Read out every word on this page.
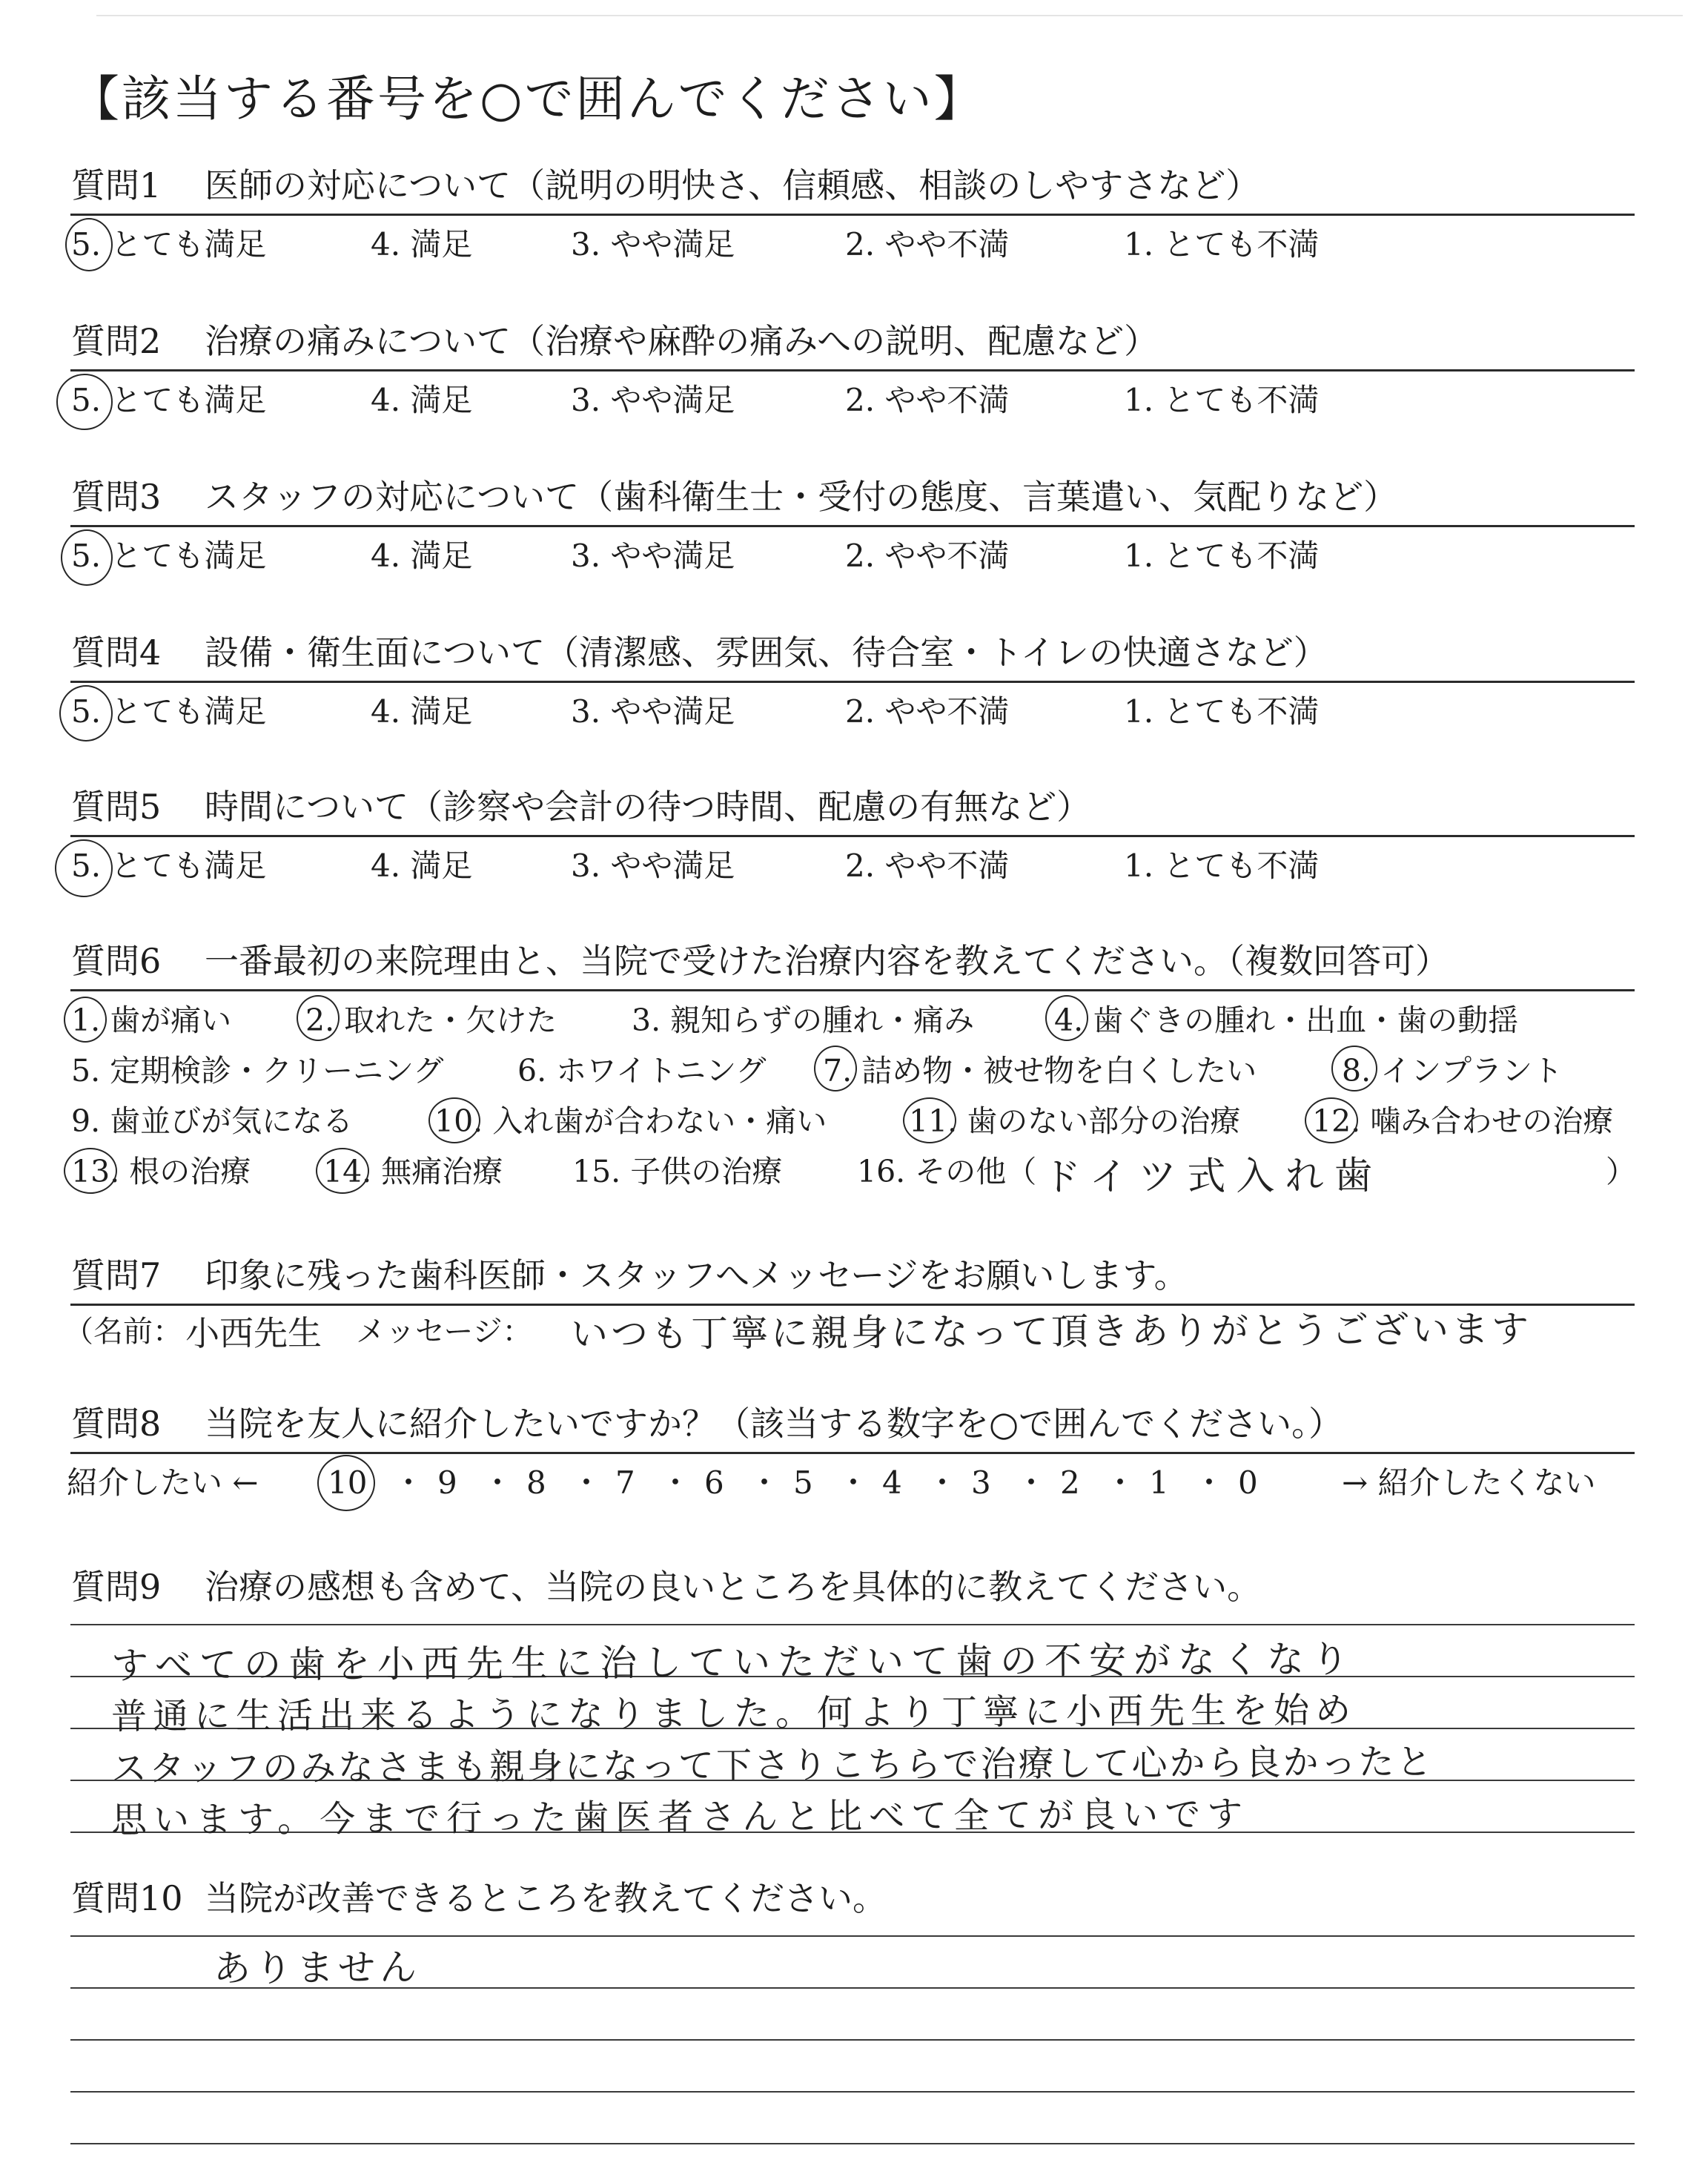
【該当する番号を○で囲んでください】
質問1 医師の対応について（説明の明快さ、信頼感、相談のしやすさなど）
5. とても満足	4. 満足	3. やや満足	2. やや不満	1. とても不満
質問2 治療の痛みについて（治療や麻酔の痛みへの説明、配慮など）
5. とても満足	4. 満足	3. やや満足	2. やや不満	1. とても不満
質問3 スタッフの対応について（歯科衛生士・受付の態度、言葉遣い、気配りなど）
5. とても満足	4. 満足	3. やや満足	2. やや不満	1. とても不満
質問4 設備・衛生面について（清潔感、雰囲気、待合室・トイレの快適さなど）
5. とても満足	4. 満足	3. やや満足	2. やや不満	1. とても不満
質問5 時間について（診察や会計の待つ時間、配慮の有無など）
5. とても満足	4. 満足	3. やや満足	2. やや不満	1. とても不満
質問6 一番最初の来院理由と、当院で受けた治療内容を教えてください。（複数回答可）
1. 歯が痛い 2. 取れた・欠けた 3. 親知らずの腫れ・痛み	4. 歯ぐきの腫れ・出血・歯の動揺
5. 定期検診・クリーニング 6. ホワイトニング 7. 詰め物・被せ物を白くしたい	8. インプラント
9. 歯並びが気になる	10. 入れ歯が合わない・痛い	11. 歯のない部分の治療 12. 噛み合わせの治療
13. 根の治療 14. 無痛治療 15. 子供の治療 16. その他（ ドイツ式入れ歯	）
質問7 印象に残った歯科医師・スタッフへメッセージをお願いします。
（名前： 小西先生 メッセージ： いつも丁寧に親身になって頂きありがとうございます
質問8 当院を友人に紹介したいですか？（該当する数字を○で囲んでください。）
紹介したい ← 10 ・ 9 ・ 8 ・ 7 ・ 6 ・ 5 ・ 4 ・ 3 ・ 2 ・ 1 ・ 0	→ 紹介したくない
質問9 治療の感想も含めて、当院の良いところを具体的に教えてください。
すべての歯を小西先生に治していただいて歯の不安がなくなり
普通に生活出来るようになりました。何より丁寧に小西先生を始め
スタッフのみなさまも親身になって下さりこちらで治療して心から良かったと
思います。今まで行った歯医者さんと比べて全てが良いです
質問10 当院が改善できるところを教えてください。
ありません
